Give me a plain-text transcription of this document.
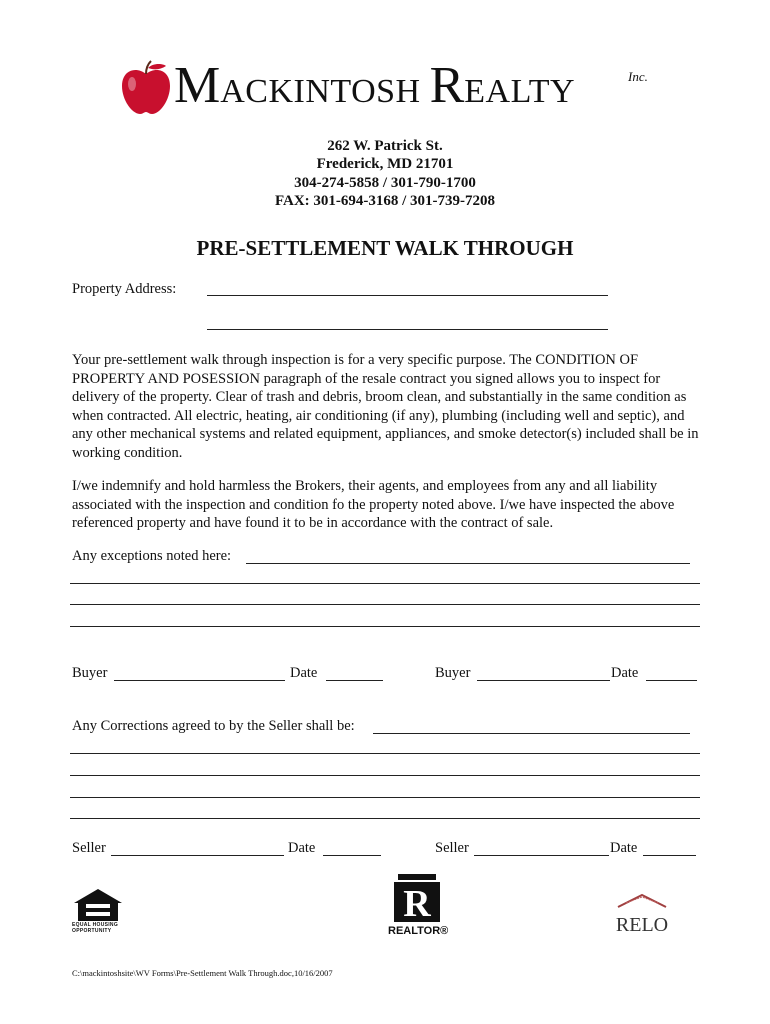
MACKINTOSH REALTY	Inc.
262 W. Patrick St.
Frederick, MD 21701
304-274-5858 / 301-790-1700
FAX: 301-694-3168 / 301-739-7208
PRE-SETTLEMENT WALK THROUGH
Property Address:
Your pre-settlement walk through inspection is for a very specific purpose. The CONDITION OF PROPERTY AND POSESSION paragraph of the resale contract you signed allows you to inspect for delivery of the property. Clear of trash and debris, broom clean, and substantially in the same condition as when contracted. All electric, heating, air conditioning (if any), plumbing (including well and septic), and any other mechanical systems and related equipment, appliances, and smoke detector(s) included shall be in working condition.
I/we indemnify and hold harmless the Brokers, their agents, and employees from any and all liability associated with the inspection and condition fo the property noted above. I/we have inspected the above referenced property and have found it to be in accordance with the contract of sale.
Any exceptions noted here:
Buyer	Date	Buyer	Date
Any Corrections agreed to by the Seller shall be:
Seller	Date	Seller	Date
EQUAL HOUSING OPPORTUNITY
R
REALTOR®	RELO
C:\mackintoshsite\WV Forms\Pre-Settlement Walk Through.doc,10/16/2007
